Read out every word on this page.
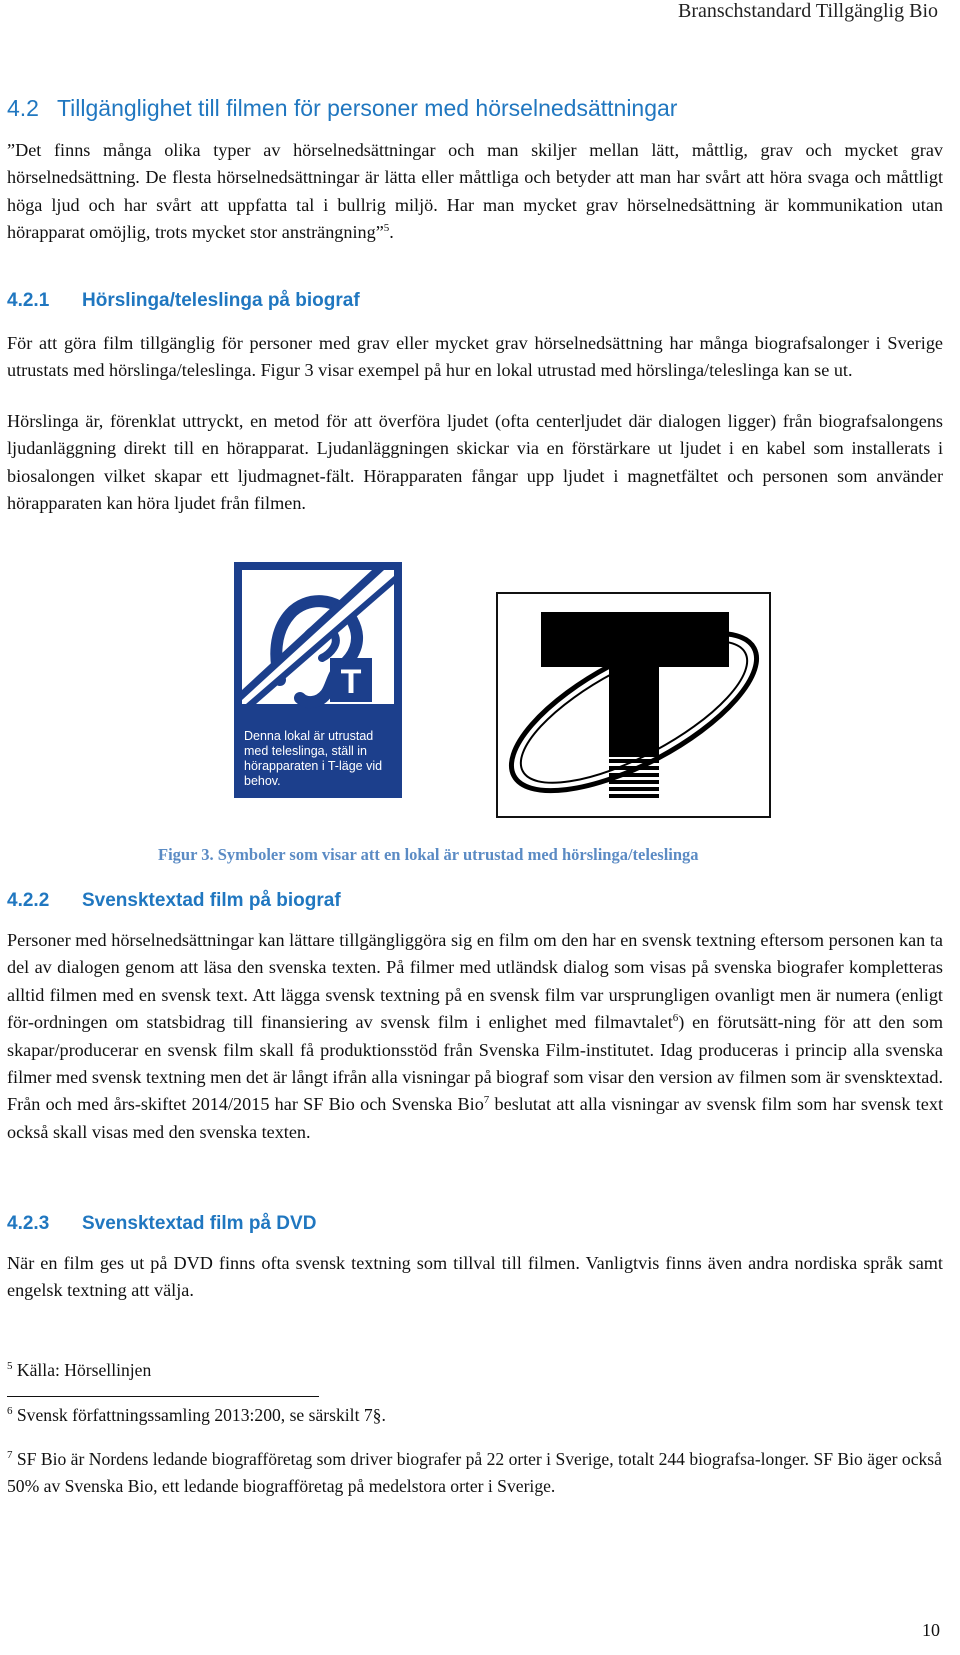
Branschstandard Tillgänglig Bio
4.2 Tillgänglighet till filmen för personer med hörselnedsättningar

”Det finns många olika typer av hörselnedsättningar och man skiljer mellan lätt, måttlig, grav och mycket grav hörselnedsättning. De flesta hörselnedsättningar är lätta eller måttliga och betyder att man har svårt att höra svaga och måttligt höga ljud och har svårt att uppfatta tal i bullrig miljö. Har man mycket grav hörselnedsättning är kommunikation utan hörapparat omöjlig, trots mycket stor ansträngning”$^5$.

4.2.1 Hörslinga/teleslinga på biograf

För att göra film tillgänglig för personer med grav eller mycket grav hörselnedsättning har många biografsalonger i Sverige utrustats med hörslinga/teleslinga. Figur 3 visar exempel på hur en lokal utrustad med hörslinga/teleslinga kan se ut.

Hörslinga är, förenklat uttryckt, en metod för att överföra ljudet (ofta centerljudet där dialogen ligger) från biografsalongens ljudanläggning direkt till en hörapparat. Ljudanläggningen skickar via en förstärkare ut ljudet i en kabel som installerats i biosalongen vilket skapar ett ljudmagnet-fält. Hörapparaten fångar upp ljudet i magnetfältet och personen som använder hörapparaten kan höra ljudet från filmen.

T
Denna lokal är utrustad
med teleslinga, ställ in
hörapparaten i T-läge vid
behov.
Figur 3. Symboler som visar att en lokal är utrustad med hörslinga/teleslinga
4.2.2 Svensktextad film på biograf

Personer med hörselnedsättningar kan lättare tillgängliggöra sig en film om den har en svensk textning eftersom personen kan ta del av dialogen genom att läsa den svenska texten. På filmer med utländsk dialog som visas på svenska biografer kompletteras alltid filmen med en svensk text. Att lägga svensk textning på en svensk film var ursprungligen ovanligt men är numera (enligt för-ordningen om statsbidrag till finansiering av svensk film i enlighet med filmavtalet$^6$) en förutsätt-ning för att den som skapar/producerar en svensk film skall få produktionsstöd från Svenska Film-institutet. Idag produceras i princip alla svenska filmer med svensk textning men det är långt ifrån alla visningar på biograf som visar den version av filmen som är svensktextad. Från och med års-skiftet 2014/2015 har SF Bio och Svenska Bio$^7$ beslutat att alla visningar av svensk film som har svensk text också skall visas med den svenska texten.

4.2.3 Svensktextad film på DVD

När en film ges ut på DVD finns ofta svensk textning som tillval till filmen. Vanligtvis finns även andra nordiska språk samt engelsk textning att välja.

$^5$ Källa: Hörsellinjen

$^6$ Svensk författningssamling 2013:200, se särskilt 7§.

$^7$ SF Bio är Nordens ledande biografföretag som driver biografer på 22 orter i Sverige, totalt 244 biografsa-longer. SF Bio äger också 50% av Svenska Bio, ett ledande biografföretag på medelstora orter i Sverige.

10
